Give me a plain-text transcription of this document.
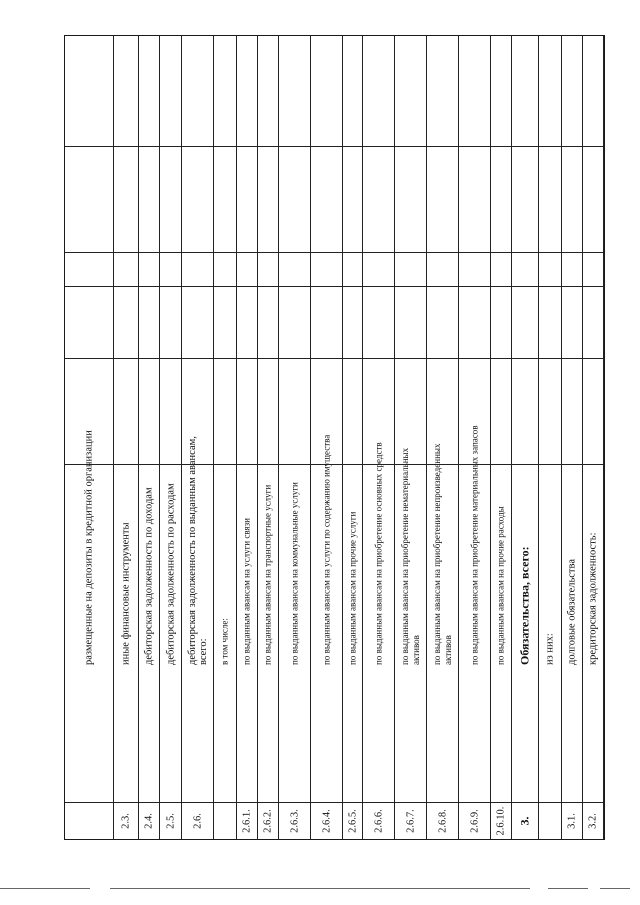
размещенные на депозиты в кредитной организации иные финансовые инструменты
2.3.
дебиторская задолженность по доходам
2.4.
дебиторская задолженность по расходам
2.5.
дебиторская задолженность по выданным авансам, всего:
2.6.
в том числе: по выданным авансам на услуги связи
2.6.1.
по выданным авансам на транспортные услуги
2.6.2.
по выданным авансам на коммунальные услуги
2.6.3.
по выданным авансам на услуги по содержанию имущества
2.6.4.
по выданным авансам на прочие услуги
2.6.5.
по выданным авансам на приобретение основных средств
2.6.6.
по выданным авансам на приобретение нематериальных активов
2.6.7.
по выданным авансам на приобретение непроизведенных активов
2.6.8.
по выданным авансам на приобретение материальных запасов
2.6.9.
по выданным авансам на прочие расходы
2.6.10.
Обязательства, всего:
3.
из них: долговые обязательства
3.1.
кредиторская задолженность:
3.2.
